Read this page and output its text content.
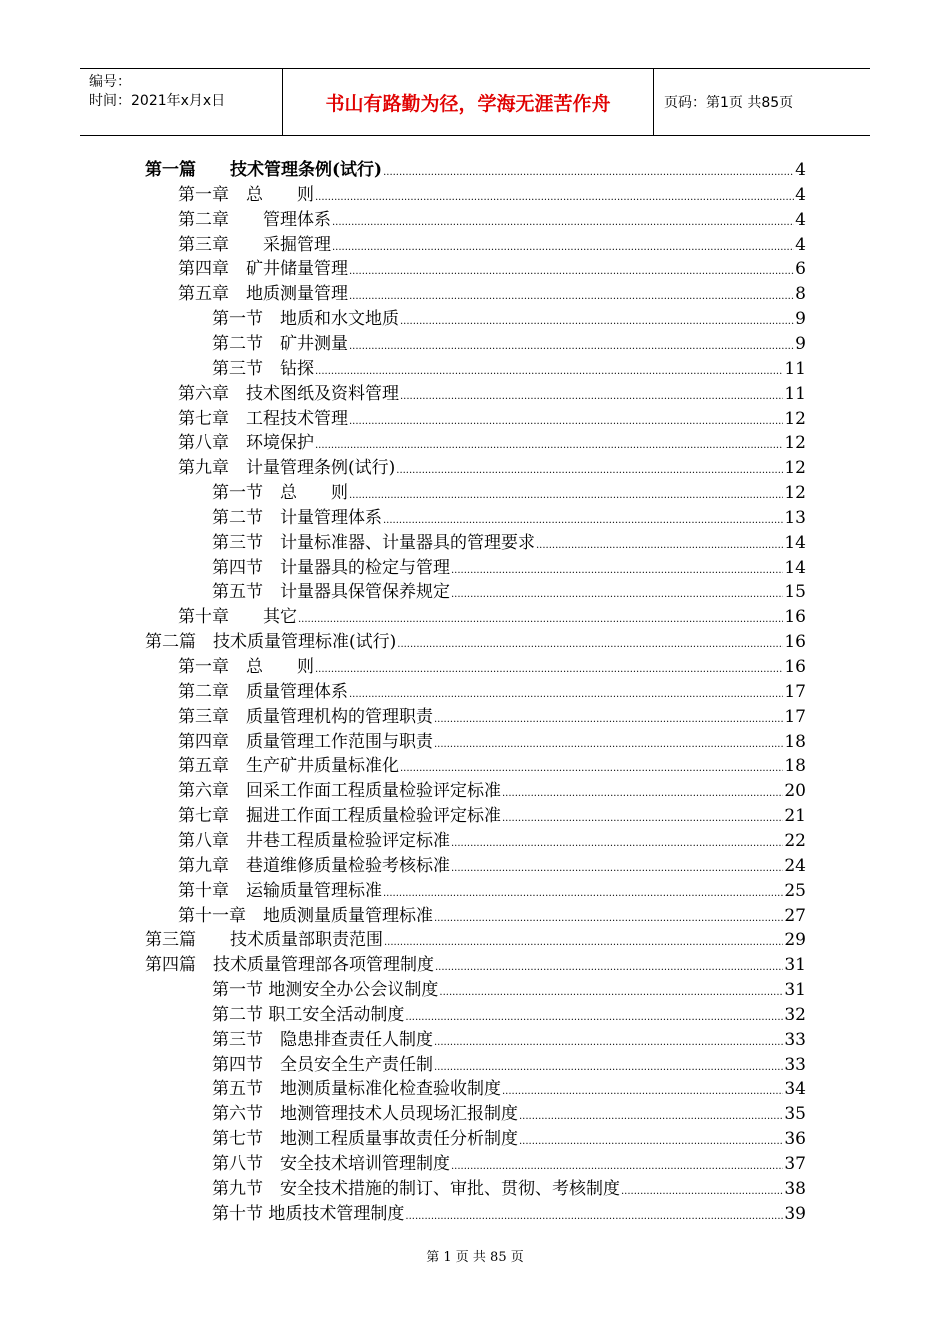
编号：
时间：2021年x月x日	书山有路勤为径，学海无涯苦作舟	页码：第1页 共85页
第一篇　　技术管理条例(试行) .....	4
第一章　总　　则 .....	4
第二章　　管理体系 .....	4
第三章　　采掘管理 .....	4
第四章　矿井储量管理 .....	6
第五章　地质测量管理 .....	8
第一节　地质和水文地质 .....	9
第二节　矿井测量 .....	9
第三节　钻探 .....	11
第六章　技术图纸及资料管理 .....	11
第七章　工程技术管理 .....	12
第八章　环境保护 .....	12
第九章　计量管理条例(试行) .....	12
第一节　总　　则 .....	12
第二节　计量管理体系 .....	13
第三节　计量标准器、计量器具的管理要求 .....	14
第四节　计量器具的检定与管理 .....	14
第五节　计量器具保管保养规定 .....	15
第十章　　其它 .....	16
第二篇　技术质量管理标准(试行) .....	16
第一章　总　　则 .....	16
第二章　质量管理体系 .....	17
第三章　质量管理机构的管理职责 .....	17
第四章　质量管理工作范围与职责 .....	18
第五章　生产矿井质量标准化 .....	18
第六章　回采工作面工程质量检验评定标准 .....	20
第七章　掘进工作面工程质量检验评定标准 .....	21
第八章　井巷工程质量检验评定标准 .....	22
第九章　巷道维修质量检验考核标准 .....	24
第十章　运输质量管理标准 .....	25
第十一章　地质测量质量管理标准 .....	27
第三篇　　技术质量部职责范围 .....	29
第四篇　技术质量管理部各项管理制度 .....	31
第一节 地测安全办公会议制度 .....	31
第二节 职工安全活动制度 .....	32
第三节　隐患排查责任人制度 .....	33
第四节　全员安全生产责任制 .....	33
第五节　地测质量标准化检查验收制度 .....	34
第六节　地测管理技术人员现场汇报制度 .....	35
第七节　地测工程质量事故责任分析制度 .....	36
第八节　安全技术培训管理制度 .....	37
第九节　安全技术措施的制订、审批、贯彻、考核制度 .....	38
第十节 地质技术管理制度 .....	39
第 1 页 共 85 页
